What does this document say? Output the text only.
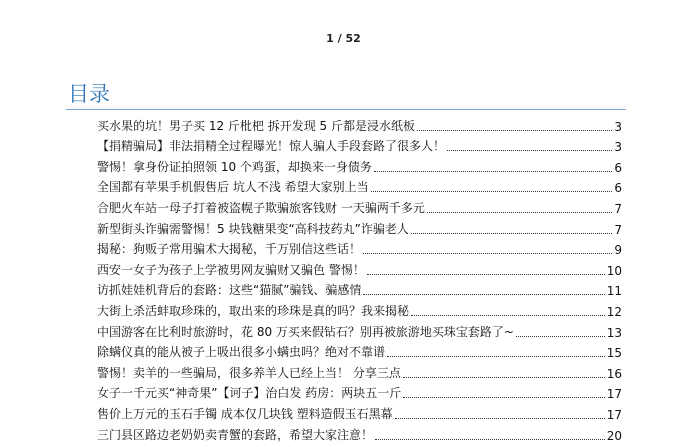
1 / 52
目录
买水果的坑！男子买 12 斤枇杷 拆开发现 5 斤都是浸水纸板	3
【捐精骗局】非法捐精全过程曝光！惊人骗人手段套路了很多人！	3
警惕！拿身份证拍照领 10 个鸡蛋，却换来一身债务	6
全国都有苹果手机假售后 坑人不浅 希望大家别上当	6
合肥火车站一母子打着被盗幌子欺骗旅客钱财 一天骗两千多元	7
新型街头诈骗需警惕！5 块钱糖果变“高科技药丸”诈骗老人	7
揭秘：狗贩子常用骗术大揭秘，千万别信这些话！	9
西安一女子为孩子上学被男网友骗财又骗色 警惕！	10
访抓娃娃机背后的套路：这些“猫腻”骗钱、骗感情	11
大街上杀活蚌取珍珠的，取出来的珍珠是真的吗？我来揭秘	12
中国游客在比利时旅游时，花 80 万买来假钻石？别再被旅游地买珠宝套路了~	13
除螨仪真的能从被子上吸出很多小螨虫吗？绝对不靠谱	15
警惕！卖羊的一些骗局，很多养羊人已经上当！ 分享三点	16
女子一千元买“神奇果”【诃子】治白发 药房：两块五一斤	17
售价上万元的玉石手镯 成本仅几块钱 塑料造假玉石黑幕	17
三门县区路边老奶奶卖青蟹的套路，希望大家注意！	20
